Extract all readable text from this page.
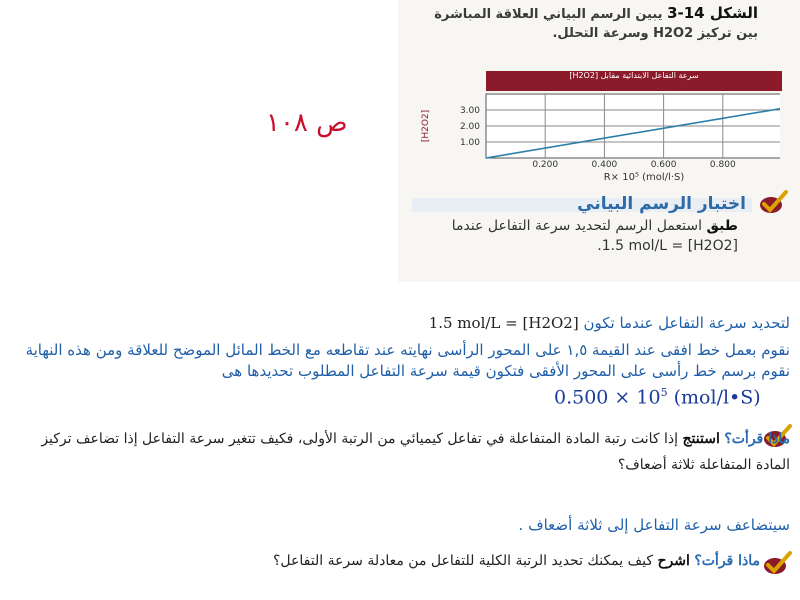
الشكل 14-3 يبين الرسم البياني العلاقة المباشرة بين تركيز H2O2 وسرعة التحلل.
ص ١٠٨
0.200	0.400	0.600	0.800
1.00
2.00
3.00
R× 10⁵ (mol/l·S)
[H2O2]
سرعة التفاعل الابتدائية مقابل [H2O2]
اختبار الرسم البياني
طبق استعمل الرسم لتحديد سرعة التفاعل عندما [H2O2] = 1.5 mol/L.
لتحديد سرعة التفاعل عندما تكون [H2O2] = 1.5 mol/L
نقوم بعمل خط افقى عند القيمة ١,٥ على المحور الرأسى نهايته عند تقاطعه مع الخط المائل الموضح للعلاقة ومن هذه النهاية نقوم برسم خط رأسى على المحور الأفقى فتكون قيمة سرعة التفاعل المطلوب تحديدها هى
$0.500 \times 10^5$ (mol/l•S)
ماذا قرأت؟ استنتج إذا كانت رتبة المادة المتفاعلة في تفاعل كيميائي من الرتبة الأولى، فكيف تتغير سرعة التفاعل إذا تضاعف تركيز المادة المتفاعلة ثلاثة أضعاف؟
سيتضاعف سرعة التفاعل إلى ثلاثة أضعاف .
ماذا قرأت؟ اشرح كيف يمكنك تحديد الرتبة الكلية للتفاعل من معادلة سرعة التفاعل؟
